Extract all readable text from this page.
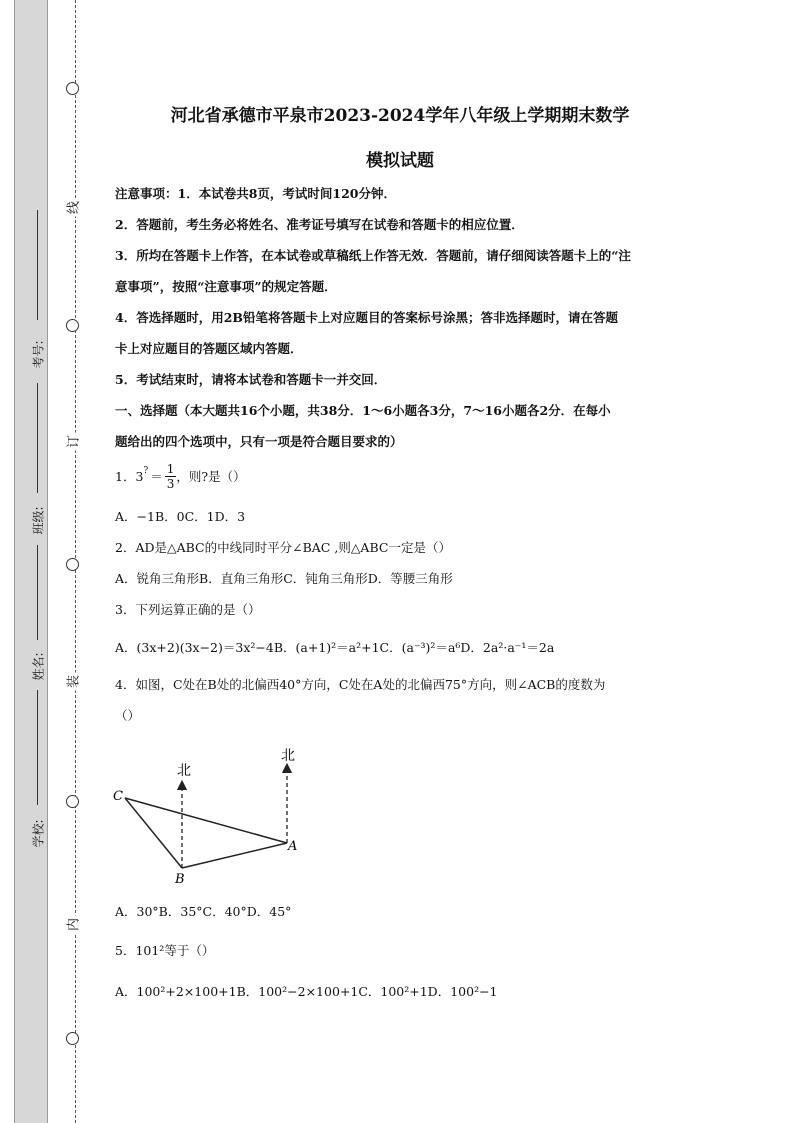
线
订
装
内
考号:
班级:
姓名:
学校:
河北省承德市平泉市2023-2024学年八年级上学期期末数学
模拟试题

注意事项：1．本试卷共8页，考试时间120分钟．

2．答题前，考生务必将姓名、准考证号填写在试卷和答题卡的相应位置．

3．所均在答题卡上作答，在本试卷或草稿纸上作答无效．答题前，请仔细阅读答题卡上的“注

意事项”，按照“注意事项”的规定答题．

4．答选择题时，用2B铅笔将答题卡上对应题目的答案标号涂黑；答非选择题时，请在答题

卡上对应题目的答题区域内答题．

5．考试结束时，请将本试卷和答题卡一并交回．

一、选择题（本大题共16个小题，共38分．1～6小题各3分，7～16小题各2分．在每小

题给出的四个选项中，只有一项是符合题目要求的）

1．$3^? = \frac{1}{3}$ ，则?是（）

A．−1B．0C．1D．3

2．AD是△ABC的中线同时平分∠BAC ,则△ABC一定是（）

A．锐角三角形B．直角三角形C．钝角三角形D．等腰三角形

3．下列运算正确的是（）

A．(3x+2)(3x−2)＝3x²−4B．(a+1)²＝a²+1C．(a⁻³)²＝a⁶D．2a²·a⁻¹＝2a

4．如图，C处在B处的北偏西40°方向，C处在A处的北偏西75°方向，则∠ACB的度数为

（）

北
北
C
B
A

A．30°B．35°C．40°D．45°

5．101²等于（）

A．100²+2×100+1B．100²−2×100+1C．100²+1D．100²−1
